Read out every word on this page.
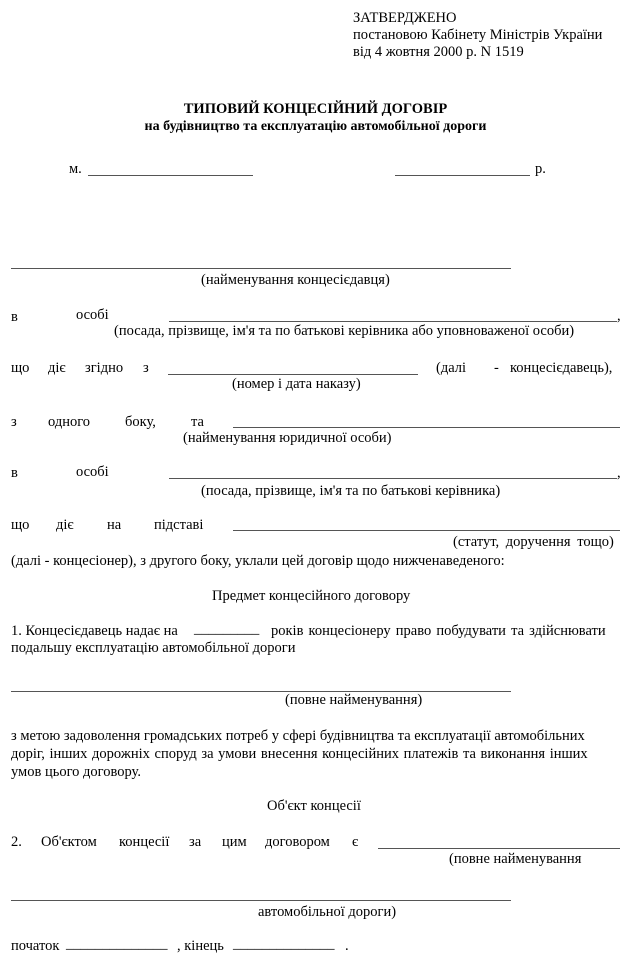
ЗАТВЕРДЖЕНО
постановою Кабінету Міністрів України
від 4 жовтня 2000 р. N 1519
ТИПОВИЙ КОНЦЕСІЙНИЙ ДОГОВІР
на будівництво та експлуатацію автомобільної дороги
м.	р.
(найменування концесієдавця)
в	особі	,
(посада, прізвище, ім'я та по батькові керівника або уповноваженої особи)
що діє згідно з	(далі - концесієдавець),
(номер і дата наказу)
з одного боку, та
(найменування юридичної особи)
в	особі	,
(посада, прізвище, ім'я та по батькові керівника)
що діє на підставі
(статут, доручення тощо)
(далі - концесіонер), з другого боку, уклали цей договір щодо нижченаведеного:
Предмет концесійного договору
1. Концесієдавець надає на _________ років концесіонеру право побудувати та здійснювати
подальшу експлуатацію автомобільної дороги
(повне найменування)
з метою задоволення громадських потреб у сфері будівництва та експлуатації автомобільних
доріг, інших дорожніх споруд за умови внесення концесійних платежів та виконання інших
умов цього договору.
Об'єкт концесії
2. Об'єктом концесії за цим договором є
(повне найменування
автомобільної дороги)
початок ______________ , кінець ______________ .
